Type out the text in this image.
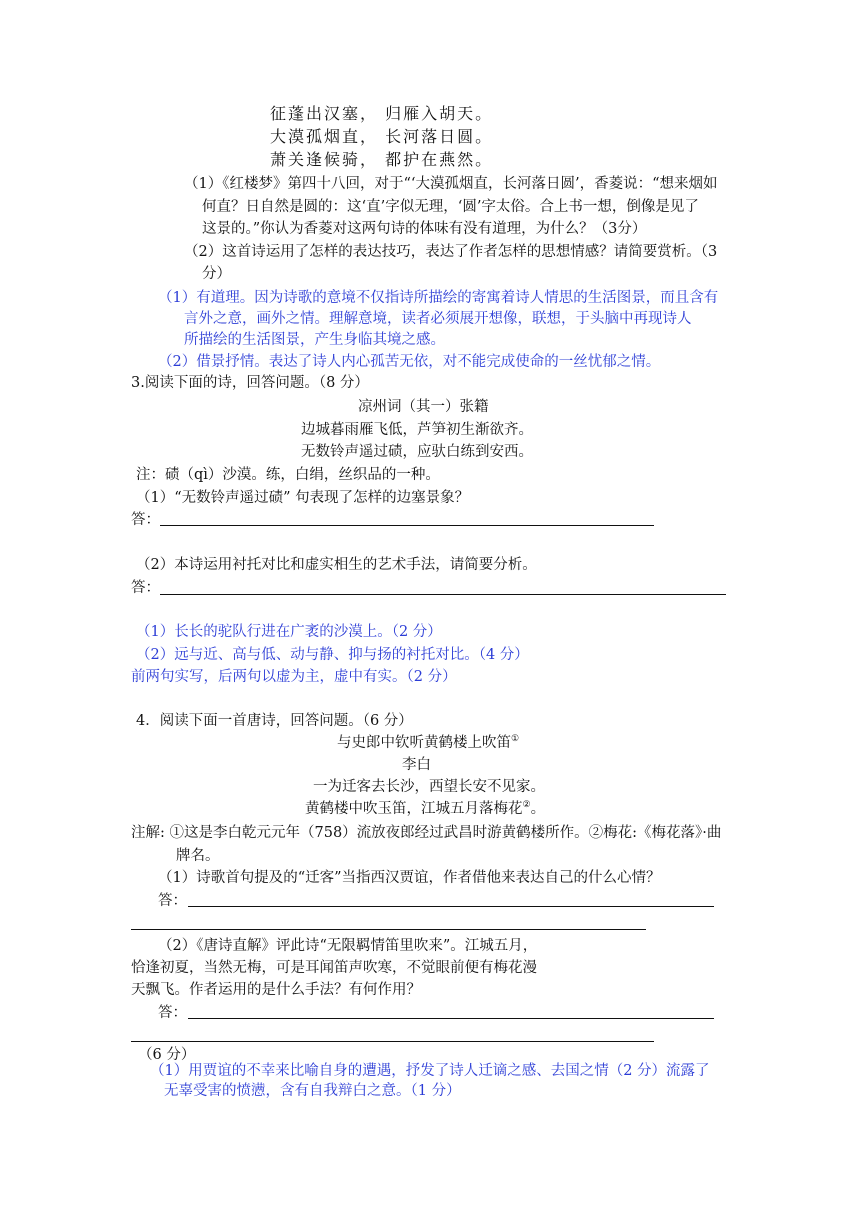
征蓬出汉塞， 归雁入胡天。
大漠孤烟直， 长河落日圆。
萧关逢候骑， 都护在燕然。
（1）《红楼梦》第四十八回，对于“‘大漠孤烟直，长河落日圆’，香菱说：“想来烟如
何直？日自然是圆的：这‘直’字似无理，‘圆’字太俗。合上书一想，倒像是见了
这景的。”你认为香菱对这两句诗的体味有没有道理，为什么？（3分）
（2）这首诗运用了怎样的表达技巧，表达了作者怎样的思想情感？请简要赏析。（3
分）
（1）有道理。因为诗歌的意境不仅指诗所描绘的寄寓着诗人情思的生活图景，而且含有
言外之意，画外之情。理解意境，读者必须展开想像，联想，于头脑中再现诗人
所描绘的生活图景，产生身临其境之感。
（2）借景抒情。表达了诗人内心孤苦无依，对不能完成使命的一丝忧郁之情。
3.阅读下面的诗，回答问题。（8 分）
凉州词（其一）张籍
边城暮雨雁飞低，芦笋初生渐欲齐。
无数铃声遥过碛，应驮白练到安西。
注：碛（qì）沙漠。练，白绢，丝织品的一种。
（1）“无数铃声遥过碛” 句表现了怎样的边塞景象？
答：
（2）本诗运用衬托对比和虚实相生的艺术手法，请简要分析。
答：
（1）长长的驼队行进在广袤的沙漠上。（2 分）
（2）远与近、高与低、动与静、抑与扬的衬托对比。（4 分）
前两句实写，后两句以虚为主，虚中有实。（2 分）
4．阅读下面一首唐诗，回答问题。（6 分）
与史郎中钦听黄鹤楼上吹笛①
李白
一为迁客去长沙，西望长安不见家。
黄鹤楼中吹玉笛，江城五月落梅花②。
注解: ①这是李白乾元元年（758）流放夜郎经过武昌时游黄鹤楼所作。②梅花:《梅花落》·曲
牌名。
（1）诗歌首句提及的“迁客”当指西汉贾谊，作者借他来表达自己的什么心情？
答：
（2）《唐诗直解》评此诗“无限羁情笛里吹来”。江城五月，
恰逢初夏，当然无梅，可是耳闻笛声吹寒，不觉眼前便有梅花漫
天飘飞。作者运用的是什么手法？有何作用？
答：
（6 分）
（1）用贾谊的不幸来比喻自身的遭遇，抒发了诗人迁谪之感、去国之情（2 分）流露了
无辜受害的愤懑，含有自我辩白之意。（1 分）
